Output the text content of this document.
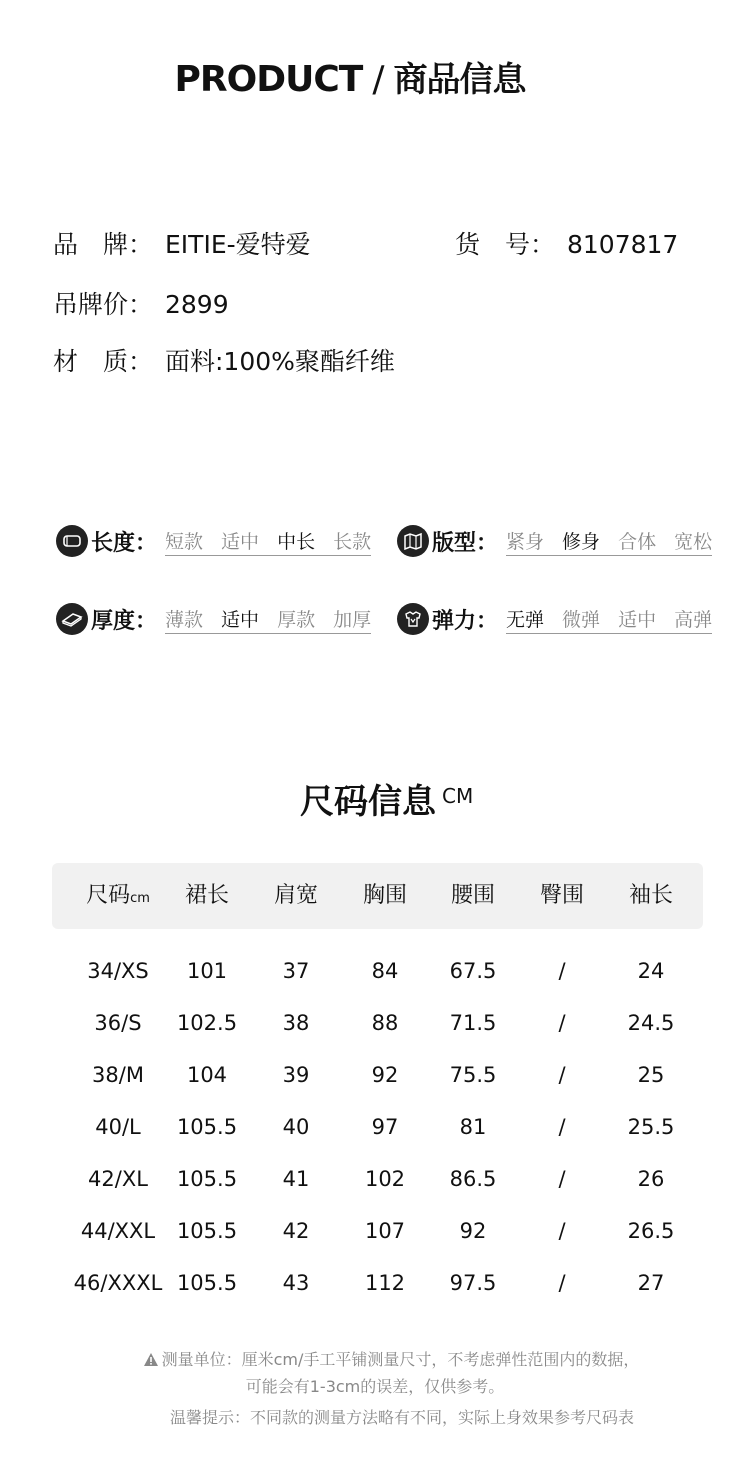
PRODUCT / 商品信息
品　牌： EITIE-爱特爱	货　号： 8107817
吊牌价： 2899
材　质： 面料:100%聚酯纤维
长度： 短款 适中 中长 长款	版型： 紧身 修身 合体 宽松
厚度： 薄款 适中 厚款 加厚	弹力： 无弹 微弹 适中 高弹
尺码信息 CM
尺码cm	裙长	肩宽	胸围	腰围	臀围	袖长
34/XS	101	37	84	67.5	/	24
36/S	102.5	38	88	71.5	/	24.5
38/M	104	39	92	75.5	/	25
40/L	105.5	40	97	81	/	25.5
42/XL	105.5	41	102	86.5	/	26
44/XXL	105.5	42	107	92	/	26.5
46/XXXL 105.5	43	112	97.5	/	27
测量单位：厘米cm/手工平铺测量尺寸，不考虑弹性范围内的数据，
可能会有1-3cm的误差，仅供参考。
温馨提示：不同款的测量方法略有不同，实际上身效果参考尺码表
